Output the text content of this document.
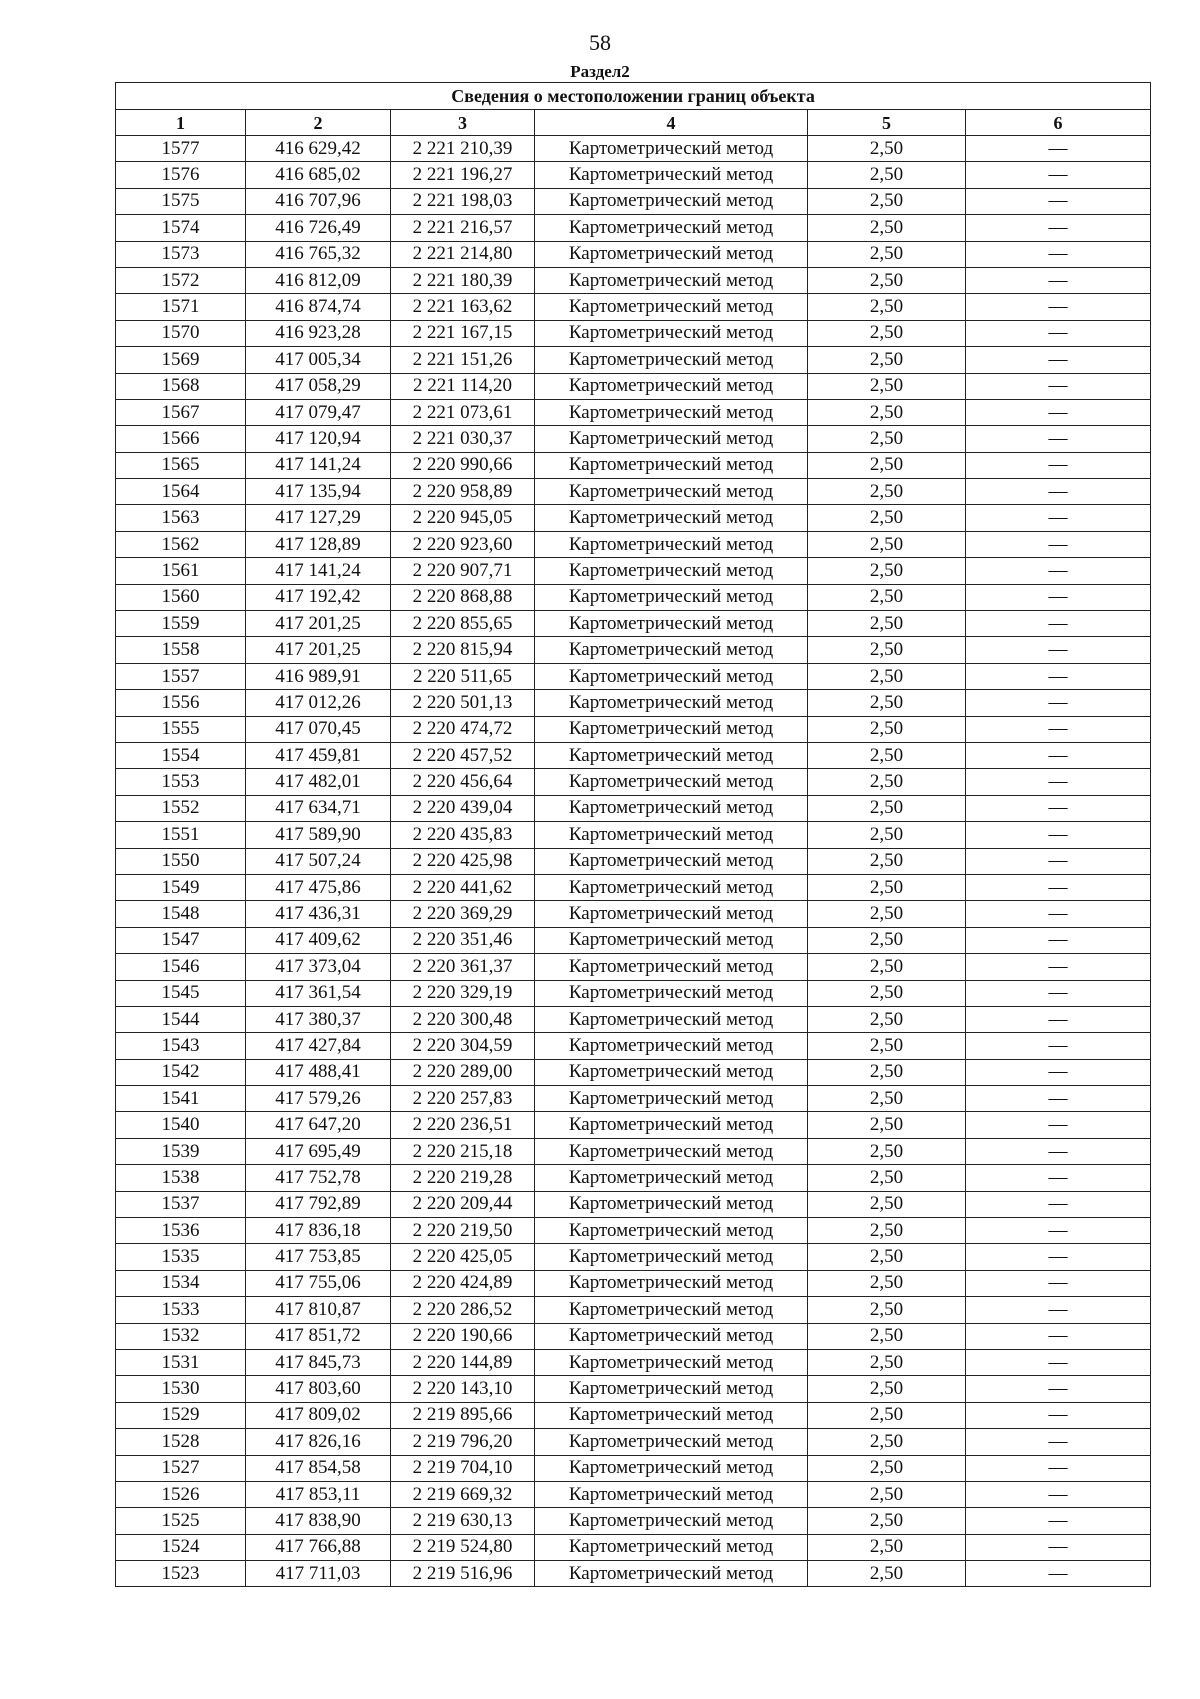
58
Раздел2
Сведения о местоположении границ объекта					
1	2	3	4	5	6
1577	416 629,42	2 221 210,39	Картометрический метод	2,50	—
1576	416 685,02	2 221 196,27	Картометрический метод	2,50	—
1575	416 707,96	2 221 198,03	Картометрический метод	2,50	—
1574	416 726,49	2 221 216,57	Картометрический метод	2,50	—
1573	416 765,32	2 221 214,80	Картометрический метод	2,50	—
1572	416 812,09	2 221 180,39	Картометрический метод	2,50	—
1571	416 874,74	2 221 163,62	Картометрический метод	2,50	—
1570	416 923,28	2 221 167,15	Картометрический метод	2,50	—
1569	417 005,34	2 221 151,26	Картометрический метод	2,50	—
1568	417 058,29	2 221 114,20	Картометрический метод	2,50	—
1567	417 079,47	2 221 073,61	Картометрический метод	2,50	—
1566	417 120,94	2 221 030,37	Картометрический метод	2,50	—
1565	417 141,24	2 220 990,66	Картометрический метод	2,50	—
1564	417 135,94	2 220 958,89	Картометрический метод	2,50	—
1563	417 127,29	2 220 945,05	Картометрический метод	2,50	—
1562	417 128,89	2 220 923,60	Картометрический метод	2,50	—
1561	417 141,24	2 220 907,71	Картометрический метод	2,50	—
1560	417 192,42	2 220 868,88	Картометрический метод	2,50	—
1559	417 201,25	2 220 855,65	Картометрический метод	2,50	—
1558	417 201,25	2 220 815,94	Картометрический метод	2,50	—
1557	416 989,91	2 220 511,65	Картометрический метод	2,50	—
1556	417 012,26	2 220 501,13	Картометрический метод	2,50	—
1555	417 070,45	2 220 474,72	Картометрический метод	2,50	—
1554	417 459,81	2 220 457,52	Картометрический метод	2,50	—
1553	417 482,01	2 220 456,64	Картометрический метод	2,50	—
1552	417 634,71	2 220 439,04	Картометрический метод	2,50	—
1551	417 589,90	2 220 435,83	Картометрический метод	2,50	—
1550	417 507,24	2 220 425,98	Картометрический метод	2,50	—
1549	417 475,86	2 220 441,62	Картометрический метод	2,50	—
1548	417 436,31	2 220 369,29	Картометрический метод	2,50	—
1547	417 409,62	2 220 351,46	Картометрический метод	2,50	—
1546	417 373,04	2 220 361,37	Картометрический метод	2,50	—
1545	417 361,54	2 220 329,19	Картометрический метод	2,50	—
1544	417 380,37	2 220 300,48	Картометрический метод	2,50	—
1543	417 427,84	2 220 304,59	Картометрический метод	2,50	—
1542	417 488,41	2 220 289,00	Картометрический метод	2,50	—
1541	417 579,26	2 220 257,83	Картометрический метод	2,50	—
1540	417 647,20	2 220 236,51	Картометрический метод	2,50	—
1539	417 695,49	2 220 215,18	Картометрический метод	2,50	—
1538	417 752,78	2 220 219,28	Картометрический метод	2,50	—
1537	417 792,89	2 220 209,44	Картометрический метод	2,50	—
1536	417 836,18	2 220 219,50	Картометрический метод	2,50	—
1535	417 753,85	2 220 425,05	Картометрический метод	2,50	—
1534	417 755,06	2 220 424,89	Картометрический метод	2,50	—
1533	417 810,87	2 220 286,52	Картометрический метод	2,50	—
1532	417 851,72	2 220 190,66	Картометрический метод	2,50	—
1531	417 845,73	2 220 144,89	Картометрический метод	2,50	—
1530	417 803,60	2 220 143,10	Картометрический метод	2,50	—
1529	417 809,02	2 219 895,66	Картометрический метод	2,50	—
1528	417 826,16	2 219 796,20	Картометрический метод	2,50	—
1527	417 854,58	2 219 704,10	Картометрический метод	2,50	—
1526	417 853,11	2 219 669,32	Картометрический метод	2,50	—
1525	417 838,90	2 219 630,13	Картометрический метод	2,50	—
1524	417 766,88	2 219 524,80	Картометрический метод	2,50	—
1523	417 711,03	2 219 516,96	Картометрический метод	2,50	—
